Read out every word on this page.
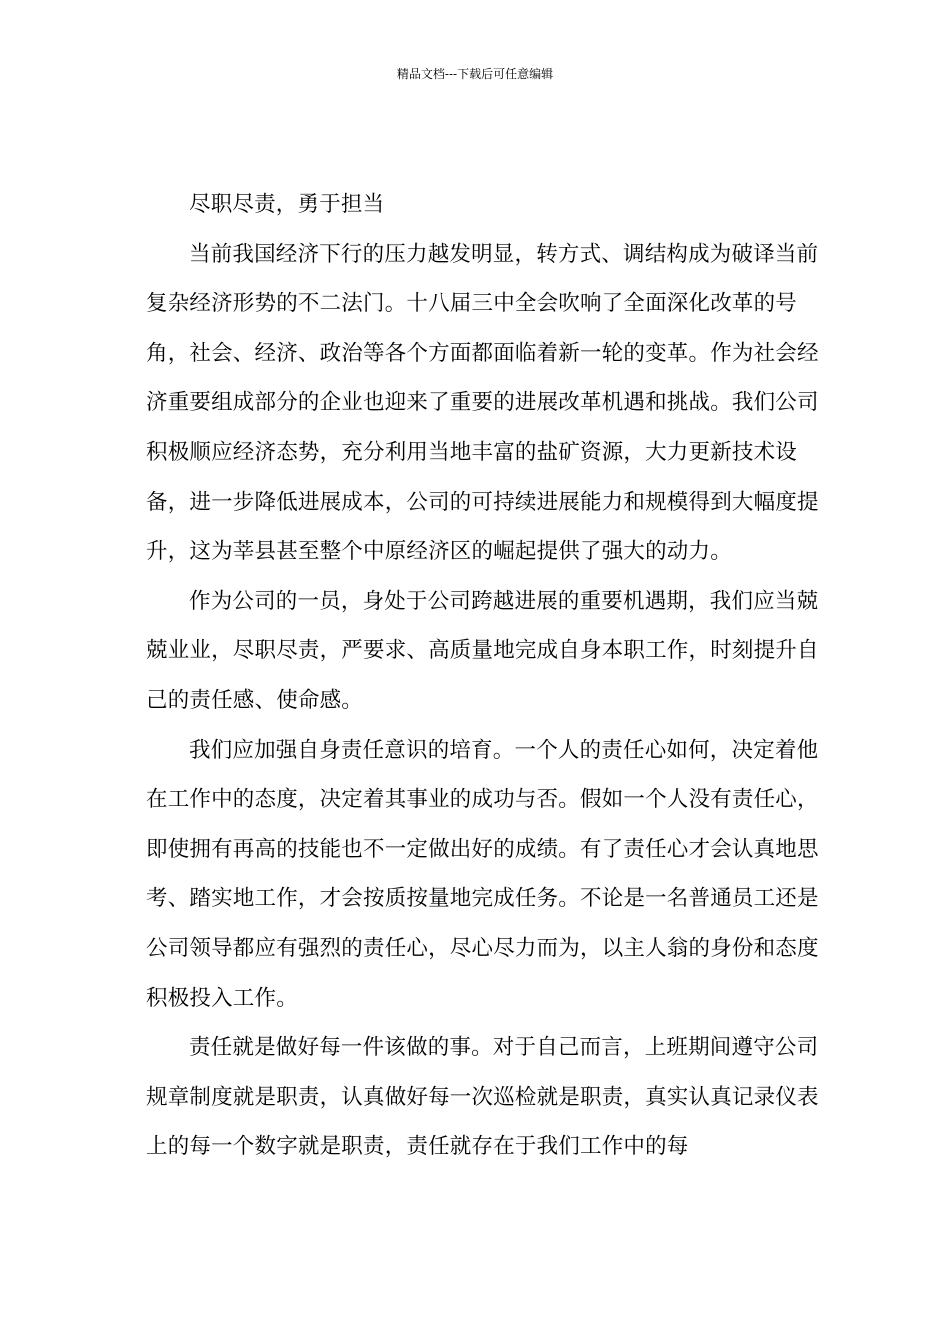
精品文档---下载后可任意编辑

尽职尽责，勇于担当

当前我国经济下行的压力越发明显，转方式、调结构成为破译当前复杂经济形势的不二法门。十八届三中全会吹响了全面深化改革的号角，社会、经济、政治等各个方面都面临着新一轮的变革。作为社会经济重要组成部分的企业也迎来了重要的进展改革机遇和挑战。我们公司积极顺应经济态势，充分利用当地丰富的盐矿资源，大力更新技术设备，进一步降低进展成本，公司的可持续进展能力和规模得到大幅度提升，这为莘县甚至整个中原经济区的崛起提供了强大的动力。

作为公司的一员，身处于公司跨越进展的重要机遇期，我们应当兢兢业业，尽职尽责，严要求、高质量地完成自身本职工作，时刻提升自己的责任感、使命感。

我们应加强自身责任意识的培育。一个人的责任心如何，决定着他在工作中的态度，决定着其事业的成功与否。假如一个人没有责任心，即使拥有再高的技能也不一定做出好的成绩。有了责任心才会认真地思考、踏实地工作，才会按质按量地完成任务。不论是一名普通员工还是公司领导都应有强烈的责任心，尽心尽力而为，以主人翁的身份和态度积极投入工作。

责任就是做好每一件该做的事。对于自己而言，上班期间遵守公司规章制度就是职责，认真做好每一次巡检就是职责，真实认真记录仪表上的每一个数字就是职责，责任就存在于我们工作中的每
